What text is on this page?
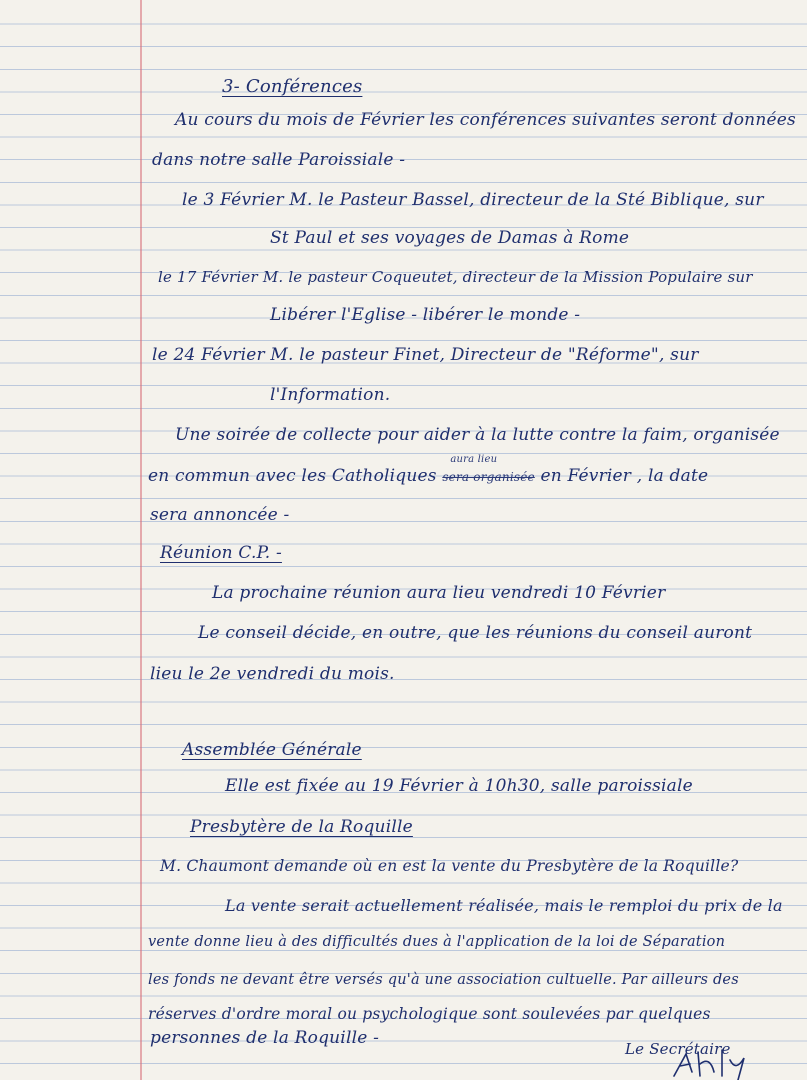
3- Conférences
Au cours du mois de Février les conférences suivantes seront données
dans notre salle Paroissiale -
le 3 Février M. le Pasteur Bassel, directeur de la Sté Biblique, sur
St Paul et ses voyages de Damas à Rome
le 17 Février M. le pasteur Coqueutet, directeur de la Mission Populaire sur
Libérer l'Eglise - libérer le monde -
le 24 Février M. le pasteur Finet, Directeur de "Réforme", sur
l'Information.
Une soirée de collecte pour aider à la lutte contre la faim, organisée
en commun avec les Catholiques
aura lieu
sera organisée en Février , la date
sera annoncée -
Réunion C.P. -
La prochaine réunion aura lieu vendredi 10 Février
Le conseil décide, en outre, que les réunions du conseil auront
lieu le 2e vendredi du mois.
Assemblée Générale
Elle est fixée au 19 Février à 10h30, salle paroissiale
Presbytère de la Roquille
M. Chaumont demande où en est la vente du Presbytère de la Roquille?
La vente serait actuellement réalisée, mais le remploi du prix de la
vente donne lieu à des difficultés dues à l'application de la loi de Séparation
les fonds ne devant être versés qu'à une association cultuelle. Par ailleurs des
réserves d'ordre moral ou psychologique sont soulevées par quelques
personnes de la Roquille -
Le Secrétaire
